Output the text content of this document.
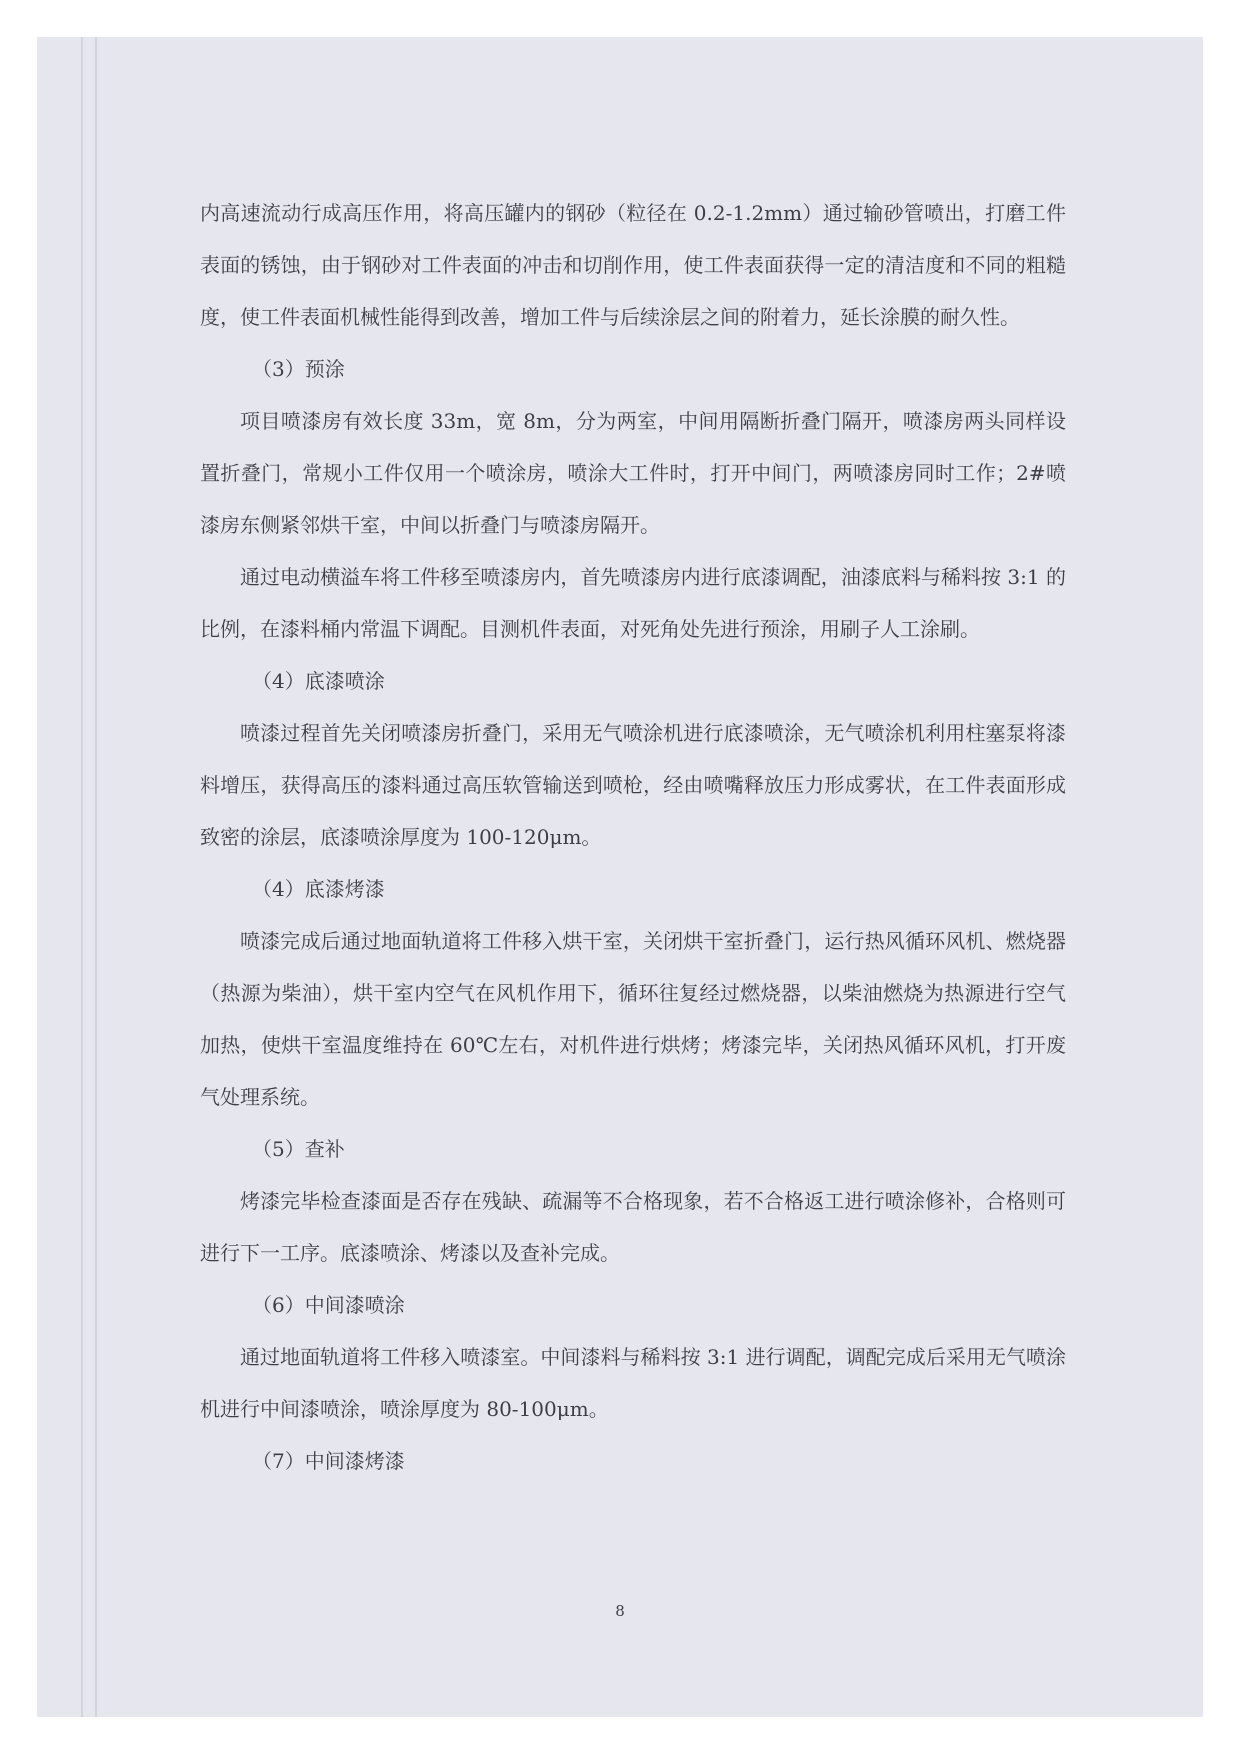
内高速流动行成高压作用，将高压罐内的钢砂（粒径在 0.2-1.2mm）通过输砂管喷出，打磨工件表面的锈蚀，由于钢砂对工件表面的冲击和切削作用，使工件表面获得一定的清洁度和不同的粗糙度，使工件表面机械性能得到改善，增加工件与后续涂层之间的附着力，延长涂膜的耐久性。

（3）预涂

项目喷漆房有效长度 33m，宽 8m，分为两室，中间用隔断折叠门隔开，喷漆房两头同样设置折叠门，常规小工件仅用一个喷涂房，喷涂大工件时，打开中间门，两喷漆房同时工作；2#喷漆房东侧紧邻烘干室，中间以折叠门与喷漆房隔开。

通过电动横溢车将工件移至喷漆房内，首先喷漆房内进行底漆调配，油漆底料与稀料按 3:1 的比例，在漆料桶内常温下调配。目测机件表面，对死角处先进行预涂，用刷子人工涂刷。

（4）底漆喷涂

喷漆过程首先关闭喷漆房折叠门，采用无气喷涂机进行底漆喷涂，无气喷涂机利用柱塞泵将漆料增压，获得高压的漆料通过高压软管输送到喷枪，经由喷嘴释放压力形成雾状，在工件表面形成致密的涂层，底漆喷涂厚度为 100-120μm。

（4）底漆烤漆

喷漆完成后通过地面轨道将工件移入烘干室，关闭烘干室折叠门，运行热风循环风机、燃烧器（热源为柴油），烘干室内空气在风机作用下，循环往复经过燃烧器，以柴油燃烧为热源进行空气加热，使烘干室温度维持在 60℃左右，对机件进行烘烤；烤漆完毕，关闭热风循环风机，打开废气处理系统。

（5）查补

烤漆完毕检查漆面是否存在残缺、疏漏等不合格现象，若不合格返工进行喷涂修补，合格则可进行下一工序。底漆喷涂、烤漆以及查补完成。

（6）中间漆喷涂

通过地面轨道将工件移入喷漆室。中间漆料与稀料按 3:1 进行调配，调配完成后采用无气喷涂机进行中间漆喷涂，喷涂厚度为 80-100μm。

（7）中间漆烤漆

8
